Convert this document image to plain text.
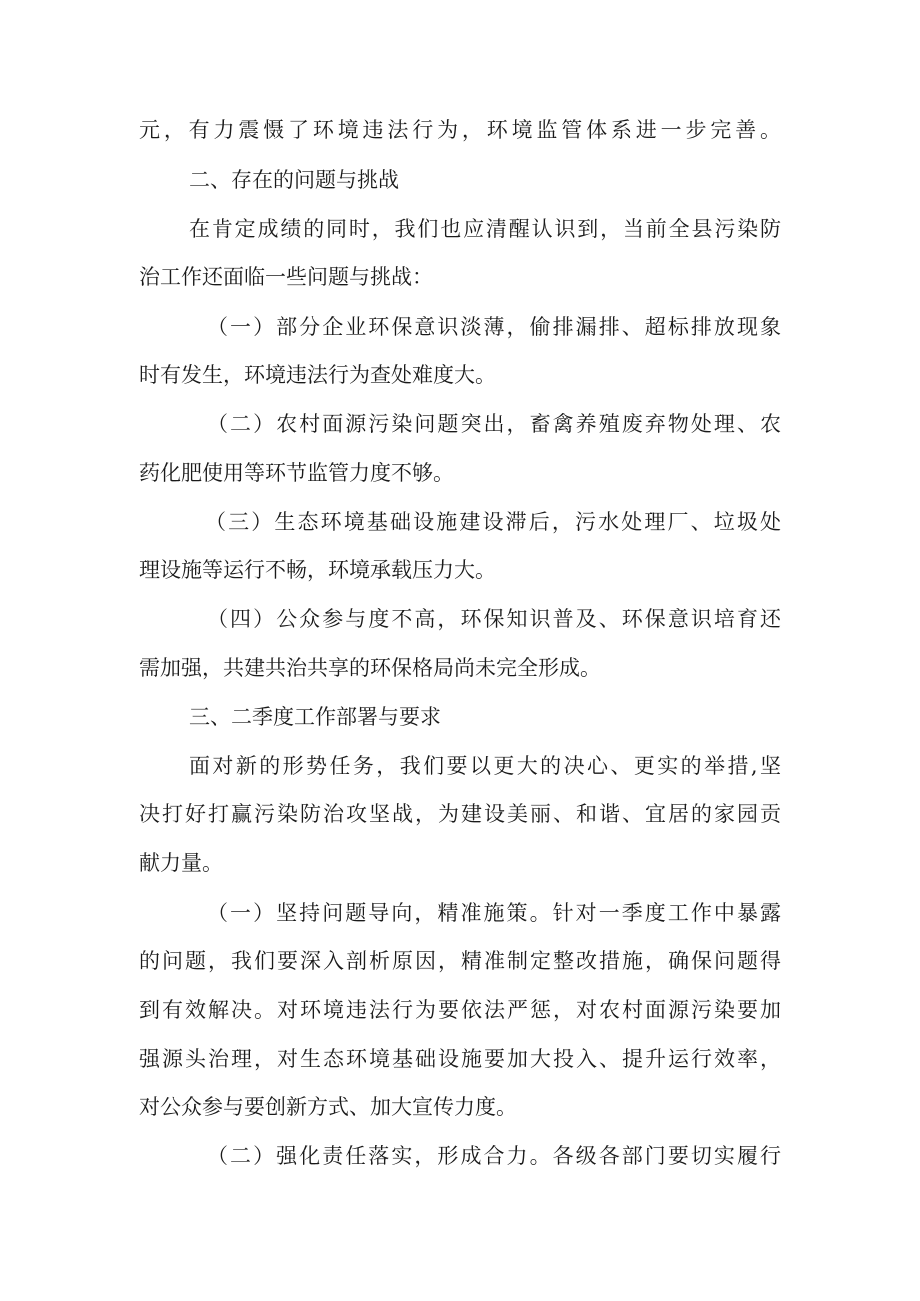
元，有力震慑了环境违法行为，环境监管体系进一步完善。
二、存在的问题与挑战
在肯定成绩的同时，我们也应清醒认识到，当前全县污染防
治工作还面临一些问题与挑战：
（一）部分企业环保意识淡薄，偷排漏排、超标排放现象
时有发生，环境违法行为查处难度大。
（二）农村面源污染问题突出，畜禽养殖废弃物处理、农
药化肥使用等环节监管力度不够。
（三）生态环境基础设施建设滞后，污水处理厂、垃圾处
理设施等运行不畅，环境承载压力大。
（四）公众参与度不高，环保知识普及、环保意识培育还
需加强，共建共治共享的环保格局尚未完全形成。
三、二季度工作部署与要求
面对新的形势任务，我们要以更大的决心、更实的举措,坚
决打好打赢污染防治攻坚战，为建设美丽、和谐、宜居的家园贡
献力量。
（一）坚持问题导向，精准施策。针对一季度工作中暴露
的问题，我们要深入剖析原因，精准制定整改措施，确保问题得
到有效解决。对环境违法行为要依法严惩，对农村面源污染要加
强源头治理，对生态环境基础设施要加大投入、提升运行效率，
对公众参与要创新方式、加大宣传力度。
（二）强化责任落实，形成合力。各级各部门要切实履行
